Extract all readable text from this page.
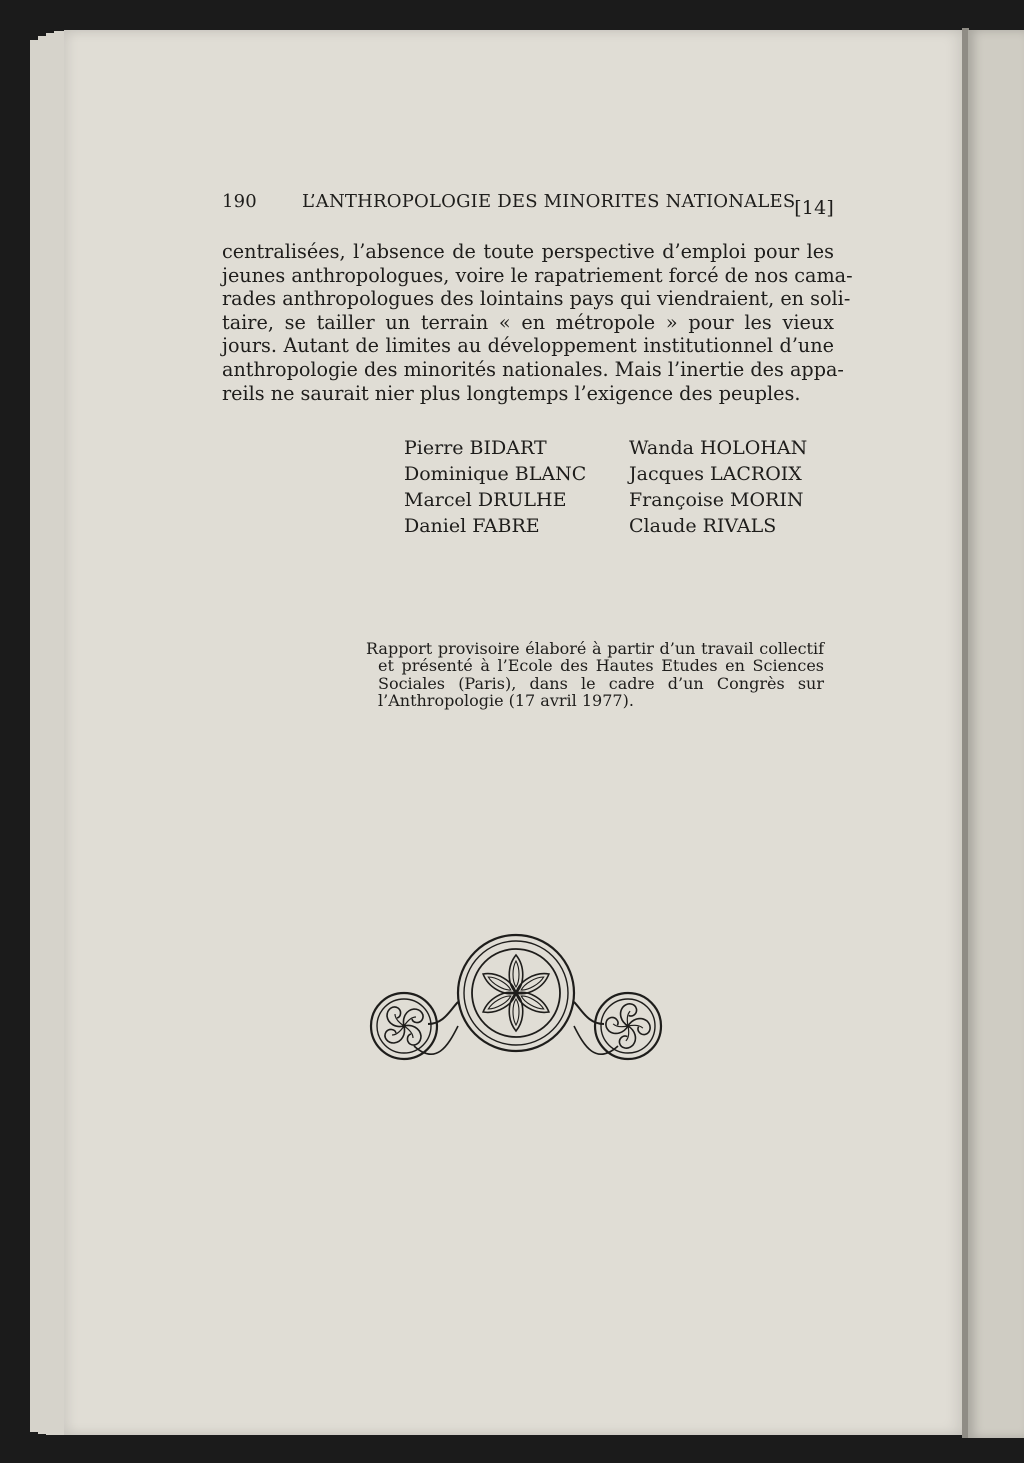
190	L’ANTHROPOLOGIE DES MINORITES NATIONALES
[14]
centralisées, l’absence de toute perspective d’emploi pour les
jeunes anthropologues, voire le rapatriement forcé de nos cama-
rades anthropologues des lointains pays qui viendraient, en soli-
taire, se tailler un terrain « en métropole » pour les vieux
jours. Autant de limites au développement institutionnel d’une
anthropologie des minorités nationales. Mais l’inertie des appa-
reils ne saurait nier plus longtemps l’exigence des peuples.
Pierre BIDART
Dominique BLANC
Marcel DRULHE
Daniel FABRE
Wanda HOLOHAN
Jacques LACROIX
Françoise MORIN
Claude RIVALS
Rapport provisoire élaboré à partir d’un travail collectif
et présenté à l’Ecole des Hautes Etudes en Sciences
Sociales (Paris), dans le cadre d’un Congrès sur
l’Anthropologie (17 avril 1977).
